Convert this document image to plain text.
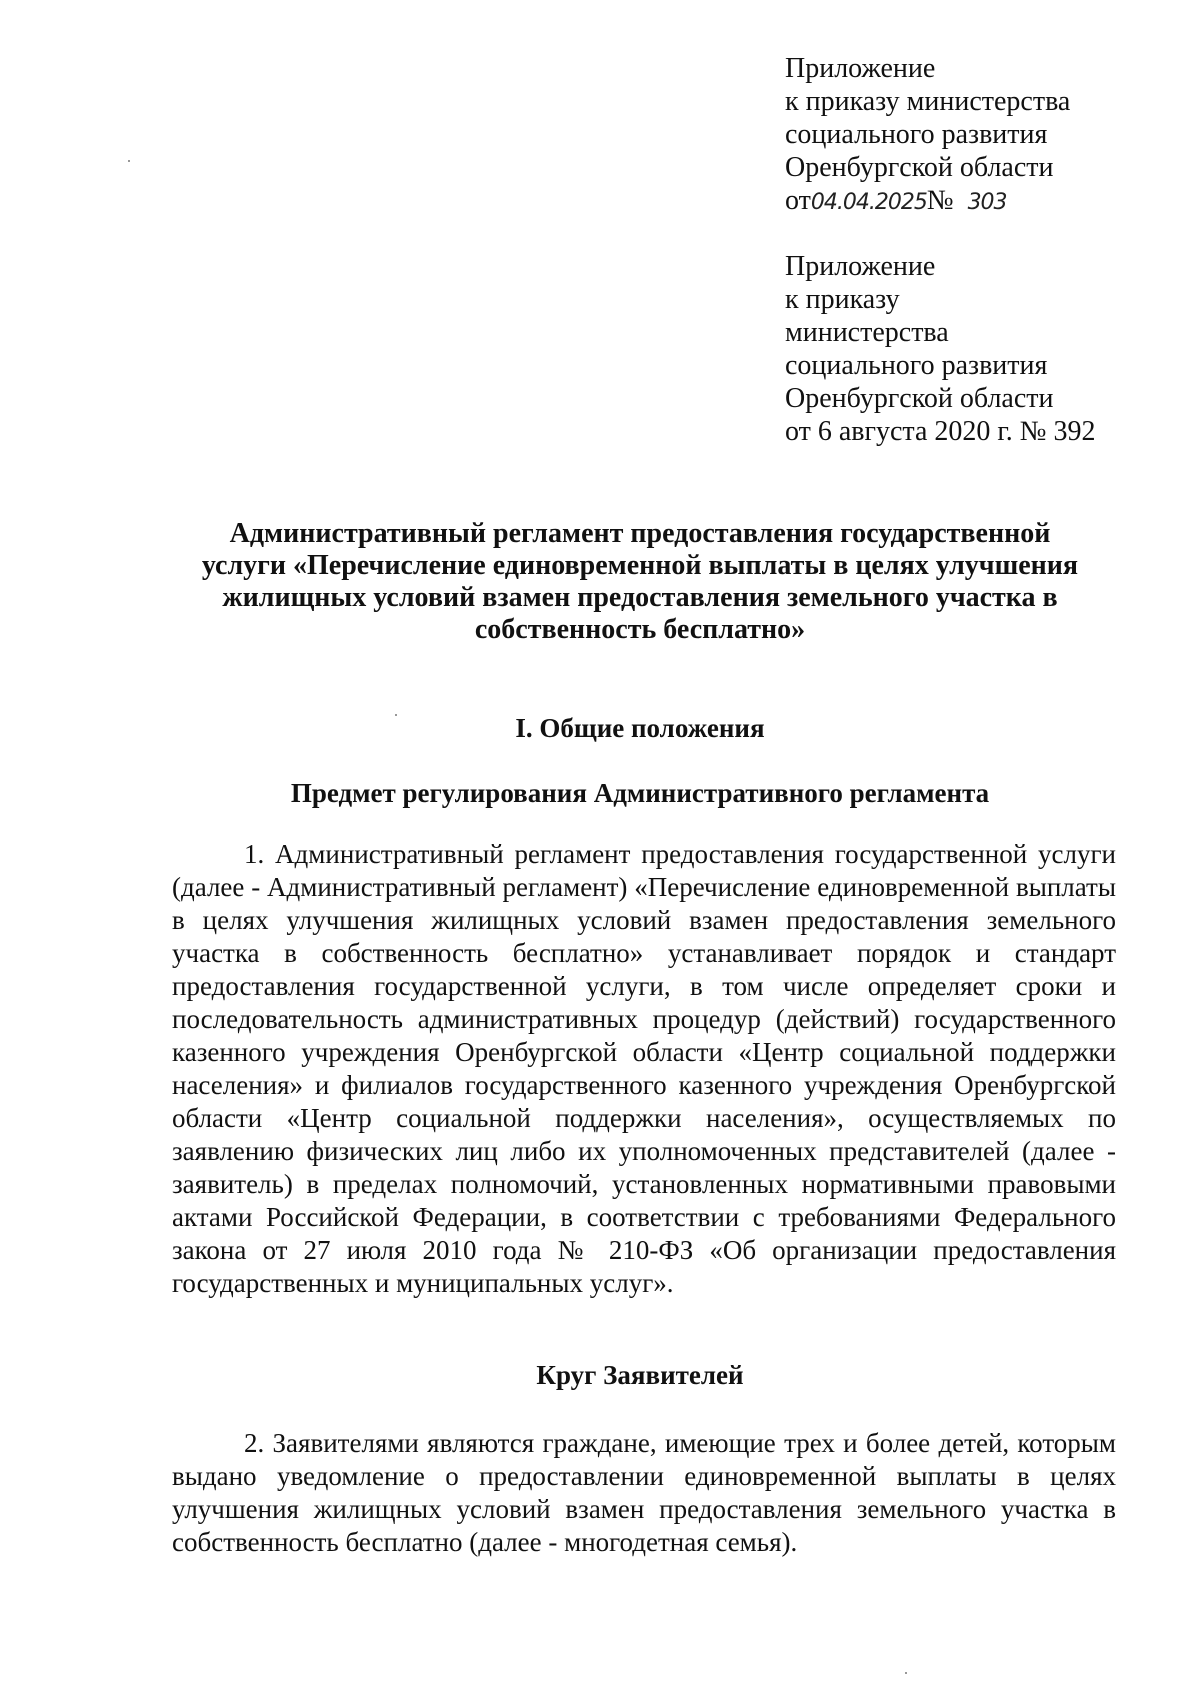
Приложение
к приказу министерства
социального развития
Оренбургской области
от04.04.2025№ 303
Приложение
к приказу
министерства
социального развития
Оренбургской области
от 6 августа 2020 г. № 392
Административный регламент предоставления государственной
услуги «Перечисление единовременной выплаты в целях улучшения
жилищных условий взамен предоставления земельного участка в
собственность бесплатно»
I. Общие положения
Предмет регулирования Административного регламента

1. Административный регламент предоставления государственной услуги (далее - Административный регламент) «Перечисление единовременной выплаты в целях улучшения жилищных условий взамен предоставления земельного участка в собственность бесплатно» устанавливает порядок и стандарт предоставления государственной услуги, в том числе определяет сроки и последовательность административных процедур (действий) государственного казенного учреждения Оренбургской области «Центр социальной поддержки населения» и филиалов государственного казенного учреждения Оренбургской области «Центр социальной поддержки населения», осуществляемых по заявлению физических лиц либо их уполномоченных представителей (далее - заявитель) в пределах полномочий, установленных нормативными правовыми актами Российской Федерации, в соответствии с требованиями Федерального закона от 27 июля 2010 года № 210-ФЗ «Об организации предоставления государственных и муниципальных услуг».

Круг Заявителей

2. Заявителями являются граждане, имеющие трех и более детей, которым выдано уведомление о предоставлении единовременной выплаты в целях улучшения жилищных условий взамен предоставления земельного участка в собственность бесплатно (далее - многодетная семья).
